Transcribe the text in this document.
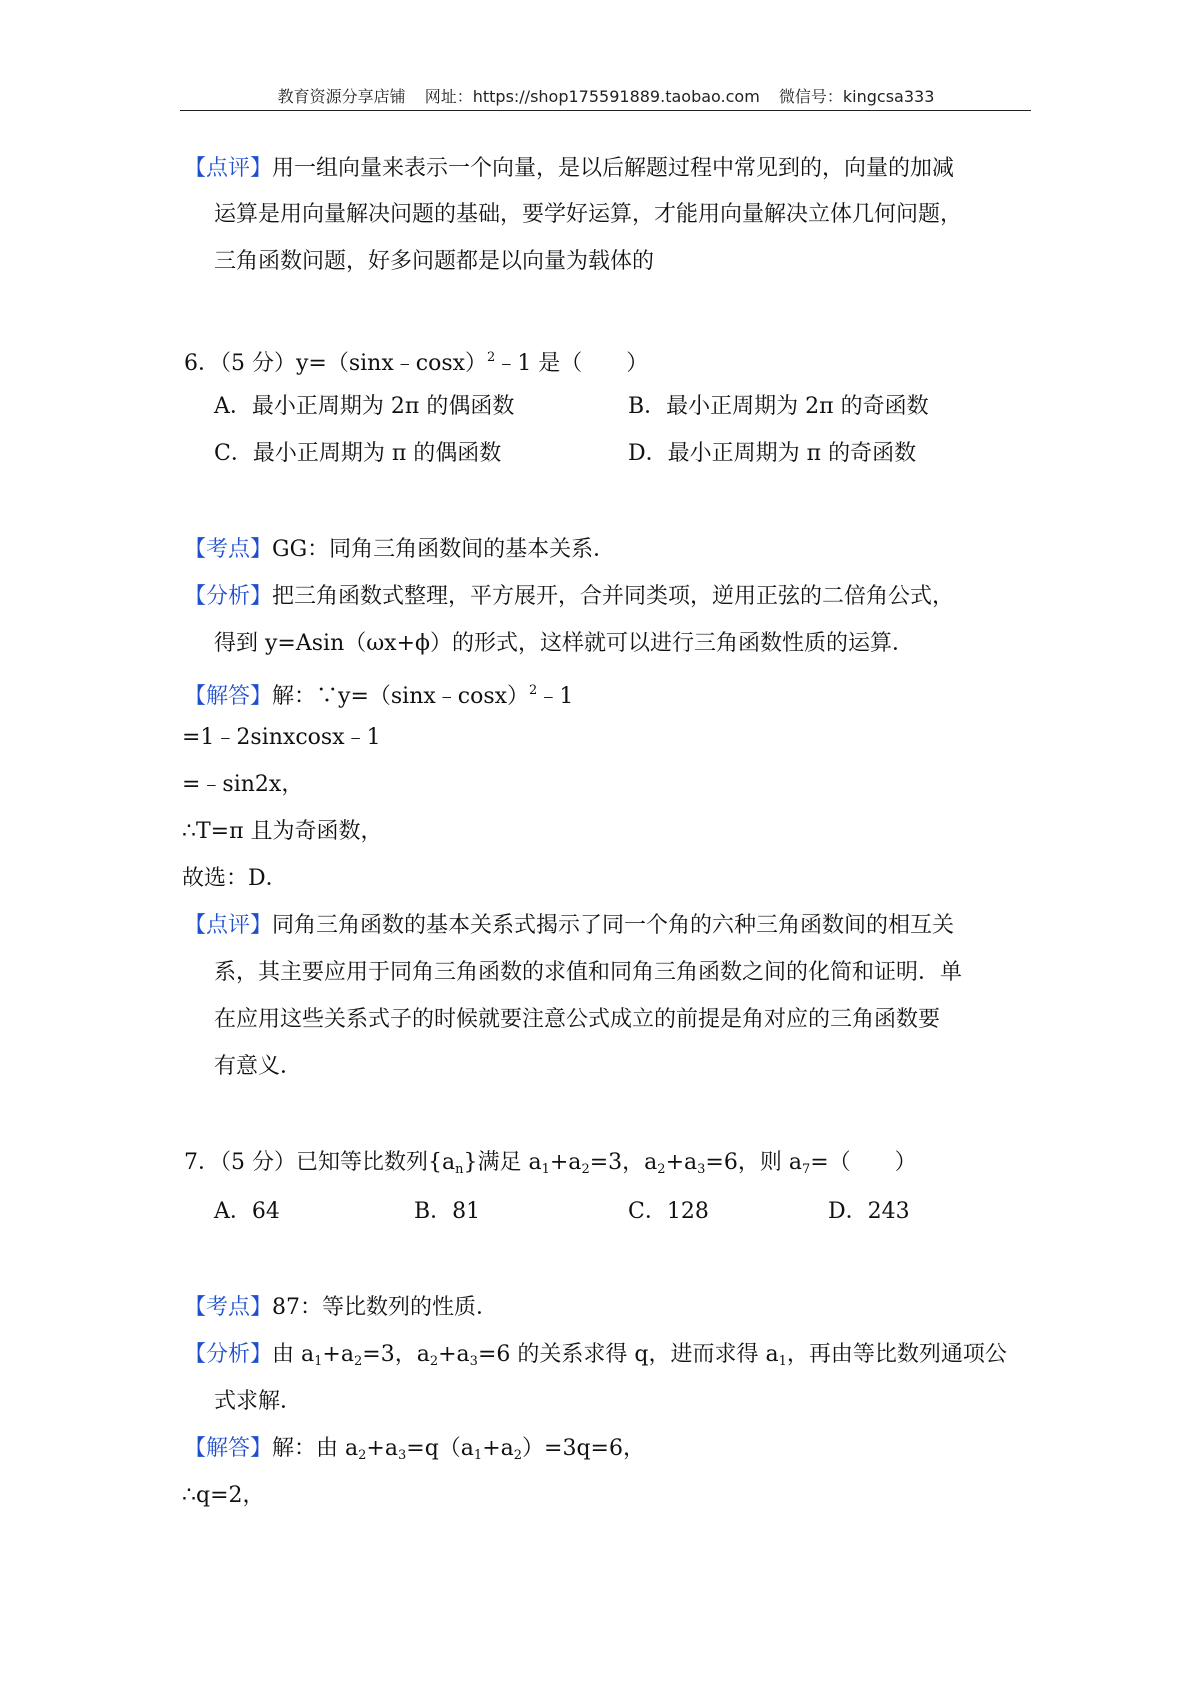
教育资源分享店铺 网址：https://shop175591889.taobao.com 微信号：kingcsa333
【点评】用一组向量来表示一个向量，是以后解题过程中常见到的，向量的加减
运算是用向量解决问题的基础，要学好运算，才能用向量解决立体几何问题，
三角函数问题，好多问题都是以向量为载体的
6．（5 分）y=（sinx﹣cosx）$^2$﹣1 是（　　）
A．最小正周期为 2π 的偶函数	B．最小正周期为 2π 的奇函数
C．最小正周期为 π 的偶函数	D．最小正周期为 π 的奇函数
【考点】GG：同角三角函数间的基本关系．
【分析】把三角函数式整理，平方展开，合并同类项，逆用正弦的二倍角公式，
得到 y=Asin（ωx+ϕ）的形式，这样就可以进行三角函数性质的运算．
【解答】解：∵y=（sinx﹣cosx）$^2$﹣1
=1﹣2sinxcosx﹣1
=﹣sin2x，
∴T=π 且为奇函数，
故选：D．
【点评】同角三角函数的基本关系式揭示了同一个角的六种三角函数间的相互关
系，其主要应用于同角三角函数的求值和同角三角函数之间的化简和证明．单
在应用这些关系式子的时候就要注意公式成立的前提是角对应的三角函数要
有意义．
7．（5 分）已知等比数列$\{a_n\}$满足 $a_1+a_2=3$，$a_2+a_3=6$，则 $a_7=$（　　）
A．64	B．81	C．128	D．243
【考点】87：等比数列的性质．
【分析】由 $a_1+a_2=3$，$a_2+a_3=6$ 的关系求得 q，进而求得 $a_1$，再由等比数列通项公
式求解．
【解答】解：由 $a_2+a_3=q(a_1+a_2)=3q=6$，
∴q=2，
